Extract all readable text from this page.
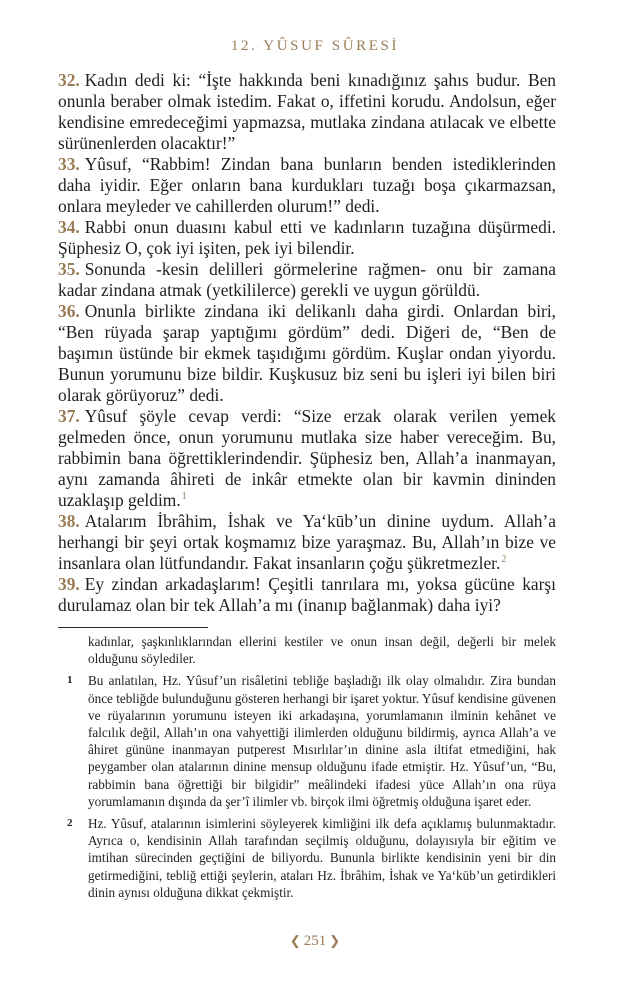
12. YÛSUF SÛRESİ

32. Kadın dedi ki: “İşte hakkında beni kınadığınız şahıs budur. Ben onunla beraber olmak istedim. Fakat o, iffetini korudu. Andolsun, eğer kendisine emredeceğimi yapmazsa, mutlaka zindana atılacak ve elbette sürünenlerden olacaktır!”

33. Yûsuf, “Rabbim! Zindan bana bunların benden istediklerinden daha iyidir. Eğer onların bana kurdukları tuzağı boşa çıkarmazsan, onlara meyleder ve cahillerden olurum!” dedi.

34. Rabbi onun duasını kabul etti ve kadınların tuzağına düşürmedi. Şüphesiz O, çok iyi işiten, pek iyi bilendir.

35. Sonunda -kesin delilleri görmelerine rağmen- onu bir zamana kadar zindana atmak (yetkililerce) gerekli ve uygun görüldü.

36. Onunla birlikte zindana iki delikanlı daha girdi. Onlardan biri, “Ben rüyada şarap yaptığımı gördüm” dedi. Diğeri de, “Ben de başımın üstünde bir ekmek taşıdığımı gördüm. Kuşlar ondan yiyordu. Bunun yorumunu bize bildir. Kuşkusuz biz seni bu işleri iyi bilen biri olarak görüyoruz” dedi.

37. Yûsuf şöyle cevap verdi: “Size erzak olarak verilen yemek gelmeden önce, onun yorumunu mutlaka size haber vereceğim. Bu, rabbimin bana öğrettiklerindendir. Şüphesiz ben, Allah’a inanmayan, aynı zamanda âhireti de inkâr etmekte olan bir kavmin dininden uzaklaşıp geldim.$^1$

38. Atalarım İbrâhim, İshak ve Ya‘kūb’un dinine uydum. Allah’a herhangi bir şeyi ortak koşmamız bize yaraşmaz. Bu, Allah’ın bize ve insanlara olan lütfundandır. Fakat insanların çoğu şükretmezler.$^2$

39. Ey zindan arkadaşlarım! Çeşitli tanrılara mı, yoksa gücüne karşı durulamaz olan bir tek Allah’a mı (inanıp bağlanmak) daha iyi?

kadınlar, şaşkınlıklarından ellerini kestiler ve onun insan değil, değerli bir melek olduğunu söylediler.
1 Bu anlatılan, Hz. Yûsuf’un risâletini tebliğe başladığı ilk olay olmalıdır. Zira bundan önce tebliğde bulunduğunu gösteren herhangi bir işaret yoktur. Yûsuf kendisine güvenen ve rüyalarının yorumunu isteyen iki arkadaşına, yorumlamanın ilminin kehânet ve falcılık değil, Allah’ın ona vahyettiği ilimlerden olduğunu bildirmiş, ayrıca Allah’a ve âhiret gününe inanmayan putperest Mısırlılar’ın dinine asla iltifat etmediğini, hak peygamber olan atalarının dinine mensup olduğunu ifade etmiştir. Hz. Yûsuf’un, “Bu, rabbimin bana öğrettiği bir bilgidir” meâlindeki ifadesi yüce Allah’ın ona rüya yorumlamanın dışında da şer’î ilimler vb. birçok ilmi öğretmiş olduğuna işaret eder.
2 Hz. Yûsuf, atalarının isimlerini söyleyerek kimliğini ilk defa açıklamış bulunmaktadır. Ayrıca o, kendisinin Allah tarafından seçilmiş olduğunu, dolayısıyla bir eğitim ve imtihan sürecinden geçtiğini de biliyordu. Bununla birlikte kendisinin yeni bir din getirmediğini, tebliğ ettiği şeylerin, ataları Hz. İbrâhim, İshak ve Ya‘kūb’un getirdikleri dinin aynısı olduğuna dikkat çekmiştir.
❮ 251 ❯
